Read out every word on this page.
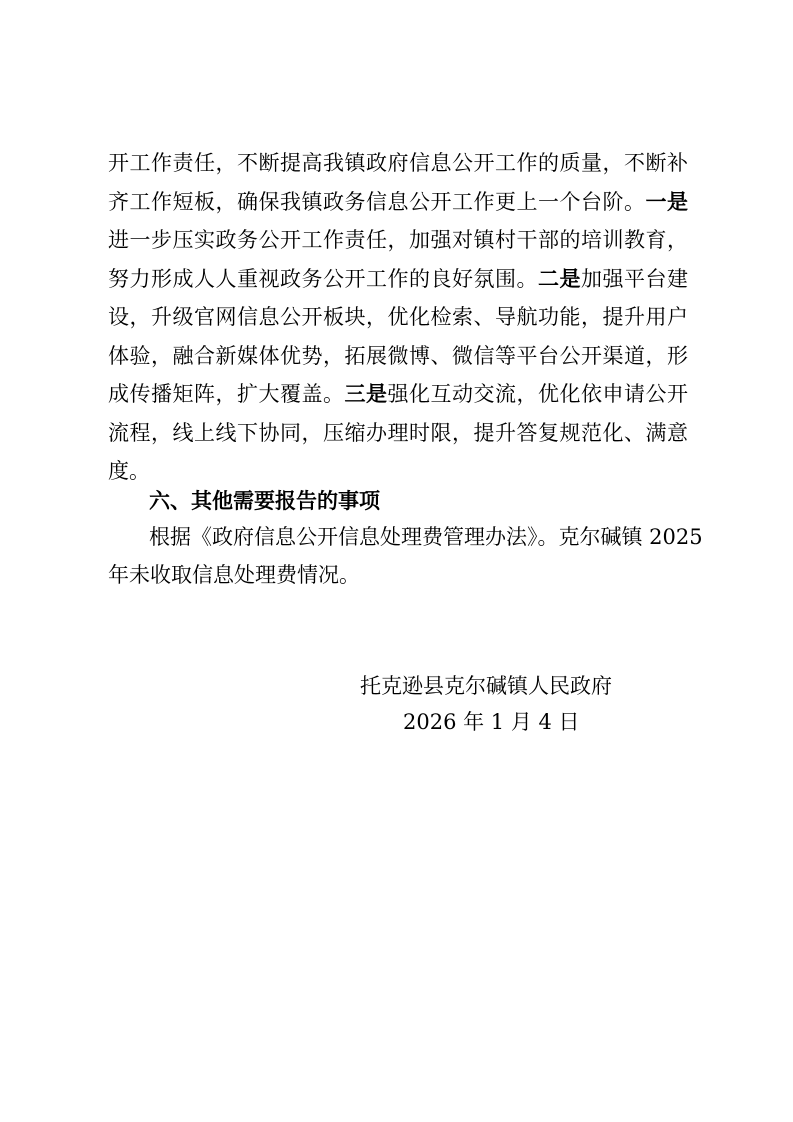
开工作责任，不断提高我镇政府信息公开工作的质量，不断补
齐工作短板，确保我镇政务信息公开工作更上一个台阶。一是
进一步压实政务公开工作责任，加强对镇村干部的培训教育，
努力形成人人重视政务公开工作的良好氛围。二是加强平台建
设，升级官网信息公开板块，优化检索、导航功能，提升用户
体验，融合新媒体优势，拓展微博、微信等平台公开渠道，形
成传播矩阵，扩大覆盖。三是强化互动交流，优化依申请公开
流程，线上线下协同，压缩办理时限，提升答复规范化、满意
度。
六、其他需要报告的事项
根据《政府信息公开信息处理费管理办法》。克尔碱镇 2025
年未收取信息处理费情况。
托克逊县克尔碱镇人民政府
2026 年 1 月 4 日
